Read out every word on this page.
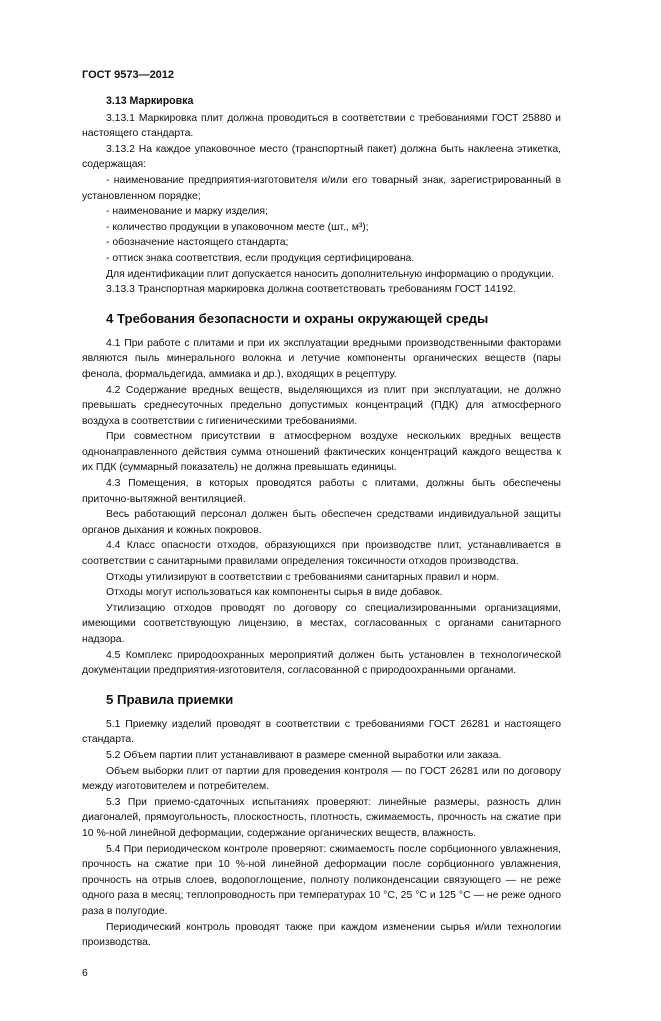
ГОСТ 9573—2012

3.13 Маркировка

3.13.1 Маркировка плит должна проводиться в соответствии с требованиями ГОСТ 25880 и настоящего стандарта.

3.13.2 На каждое упаковочное место (транспортный пакет) должна быть наклеена этикетка, содержащая:

- наименование предприятия-изготовителя и/или его товарный знак, зарегистрированный в установленном порядке;

- наименование и марку изделия;

- количество продукции в упаковочном месте (шт., м³);

- обозначение настоящего стандарта;

- оттиск знака соответствия, если продукция сертифицирована.

Для идентификации плит допускается наносить дополнительную информацию о продукции.

3.13.3 Транспортная маркировка должна соответствовать требованиям ГОСТ 14192.

4 Требования безопасности и охраны окружающей среды

4.1 При работе с плитами и при их эксплуатации вредными производственными факторами являются пыль минерального волокна и летучие компоненты органических веществ (пары фенола, формальдегида, аммиака и др.), входящих в рецептуру.

4.2 Содержание вредных веществ, выделяющихся из плит при эксплуатации, не должно превышать среднесуточных предельно допустимых концентраций (ПДК) для атмосферного воздуха в соответствии с гигиеническими требованиями.

При совместном присутствии в атмосферном воздухе нескольких вредных веществ однонаправленного действия сумма отношений фактических концентраций каждого вещества к их ПДК (суммарный показатель) не должна превышать единицы.

4.3 Помещения, в которых проводятся работы с плитами, должны быть обеспечены приточно-вытяжной вентиляцией.

Весь работающий персонал должен быть обеспечен средствами индивидуальной защиты органов дыхания и кожных покровов.

4.4 Класс опасности отходов, образующихся при производстве плит, устанавливается в соответствии с санитарными правилами определения токсичности отходов производства.

Отходы утилизируют в соответствии с требованиями санитарных правил и норм.

Отходы могут использоваться как компоненты сырья в виде добавок.

Утилизацию отходов проводят по договору со специализированными организациями, имеющими соответствующую лицензию, в местах, согласованных с органами санитарного надзора.

4.5 Комплекс природоохранных мероприятий должен быть установлен в технологической документации предприятия-изготовителя, согласованной с природоохранными органами.

5 Правила приемки

5.1 Приемку изделий проводят в соответствии с требованиями ГОСТ 26281 и настоящего стандарта.

5.2 Объем партии плит устанавливают в размере сменной выработки или заказа.

Объем выборки плит от партии для проведения контроля — по ГОСТ 26281 или по договору между изготовителем и потребителем.

5.3 При приемо-сдаточных испытаниях проверяют: линейные размеры, разность длин диагоналей, прямоугольность, плоскостность, плотность, сжимаемость, прочность на сжатие при 10 %-ной линейной деформации, содержание органических веществ, влажность.

5.4 При периодическом контроле проверяют: сжимаемость после сорбционного увлажнения, прочность на сжатие при 10 %-ной линейной деформации после сорбционного увлажнения, прочность на отрыв слоев, водопоглощение, полноту поликонденсации связующего — не реже одного раза в месяц; теплопроводность при температурах 10 °С, 25 °С и 125 °С — не реже одного раза в полугодие.

Периодический контроль проводят также при каждом изменении сырья и/или технологии производства.

6
